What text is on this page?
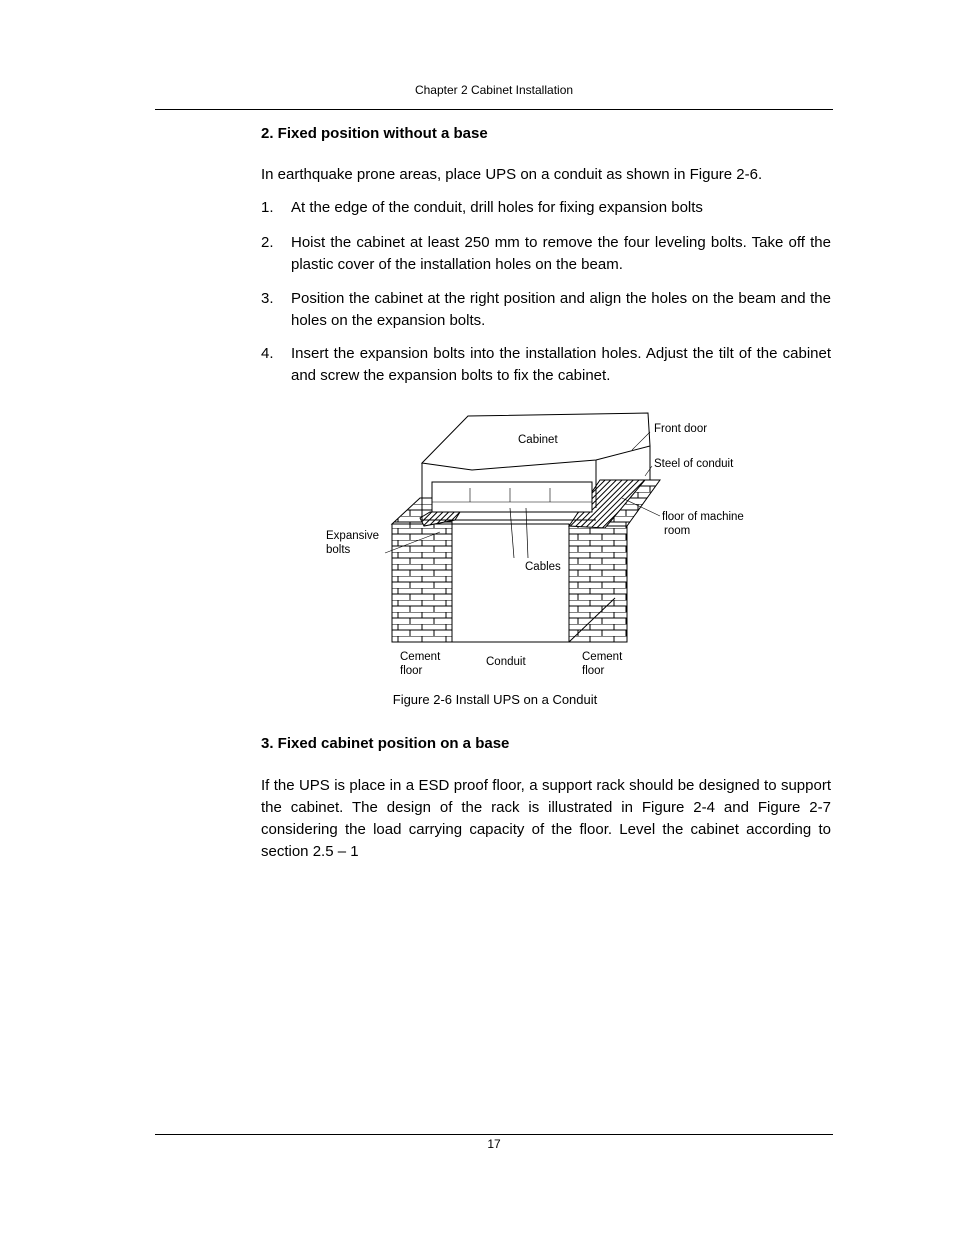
Chapter 2 Cabinet Installation
2. Fixed position without a base
In earthquake prone areas, place UPS on a conduit as shown in Figure 2-6.
1. At the edge of the conduit, drill holes for fixing expansion bolts
2. Hoist the cabinet at least 250 mm to remove the four leveling bolts. Take off the plastic cover of the installation holes on the beam.
3. Position the cabinet at the right position and align the holes on the beam and the holes on the expansion bolts.
4. Insert the expansion bolts into the installation holes. Adjust the tilt of the cabinet and screw the expansion bolts to fix the cabinet.
Cabinet
Front door
Steel of conduit
floor of machine
room
Expansive
bolts
Cables
Cement
floor
Conduit	Cement
floor
Figure 2-6 Install UPS on a Conduit
3. Fixed cabinet position on a base
If the UPS is place in a ESD proof floor, a support rack should be designed to support the cabinet. The design of the rack is illustrated in Figure 2-4 and Figure 2-7 considering the load carrying capacity of the floor. Level the cabinet according to section 2.5 – 1
17
